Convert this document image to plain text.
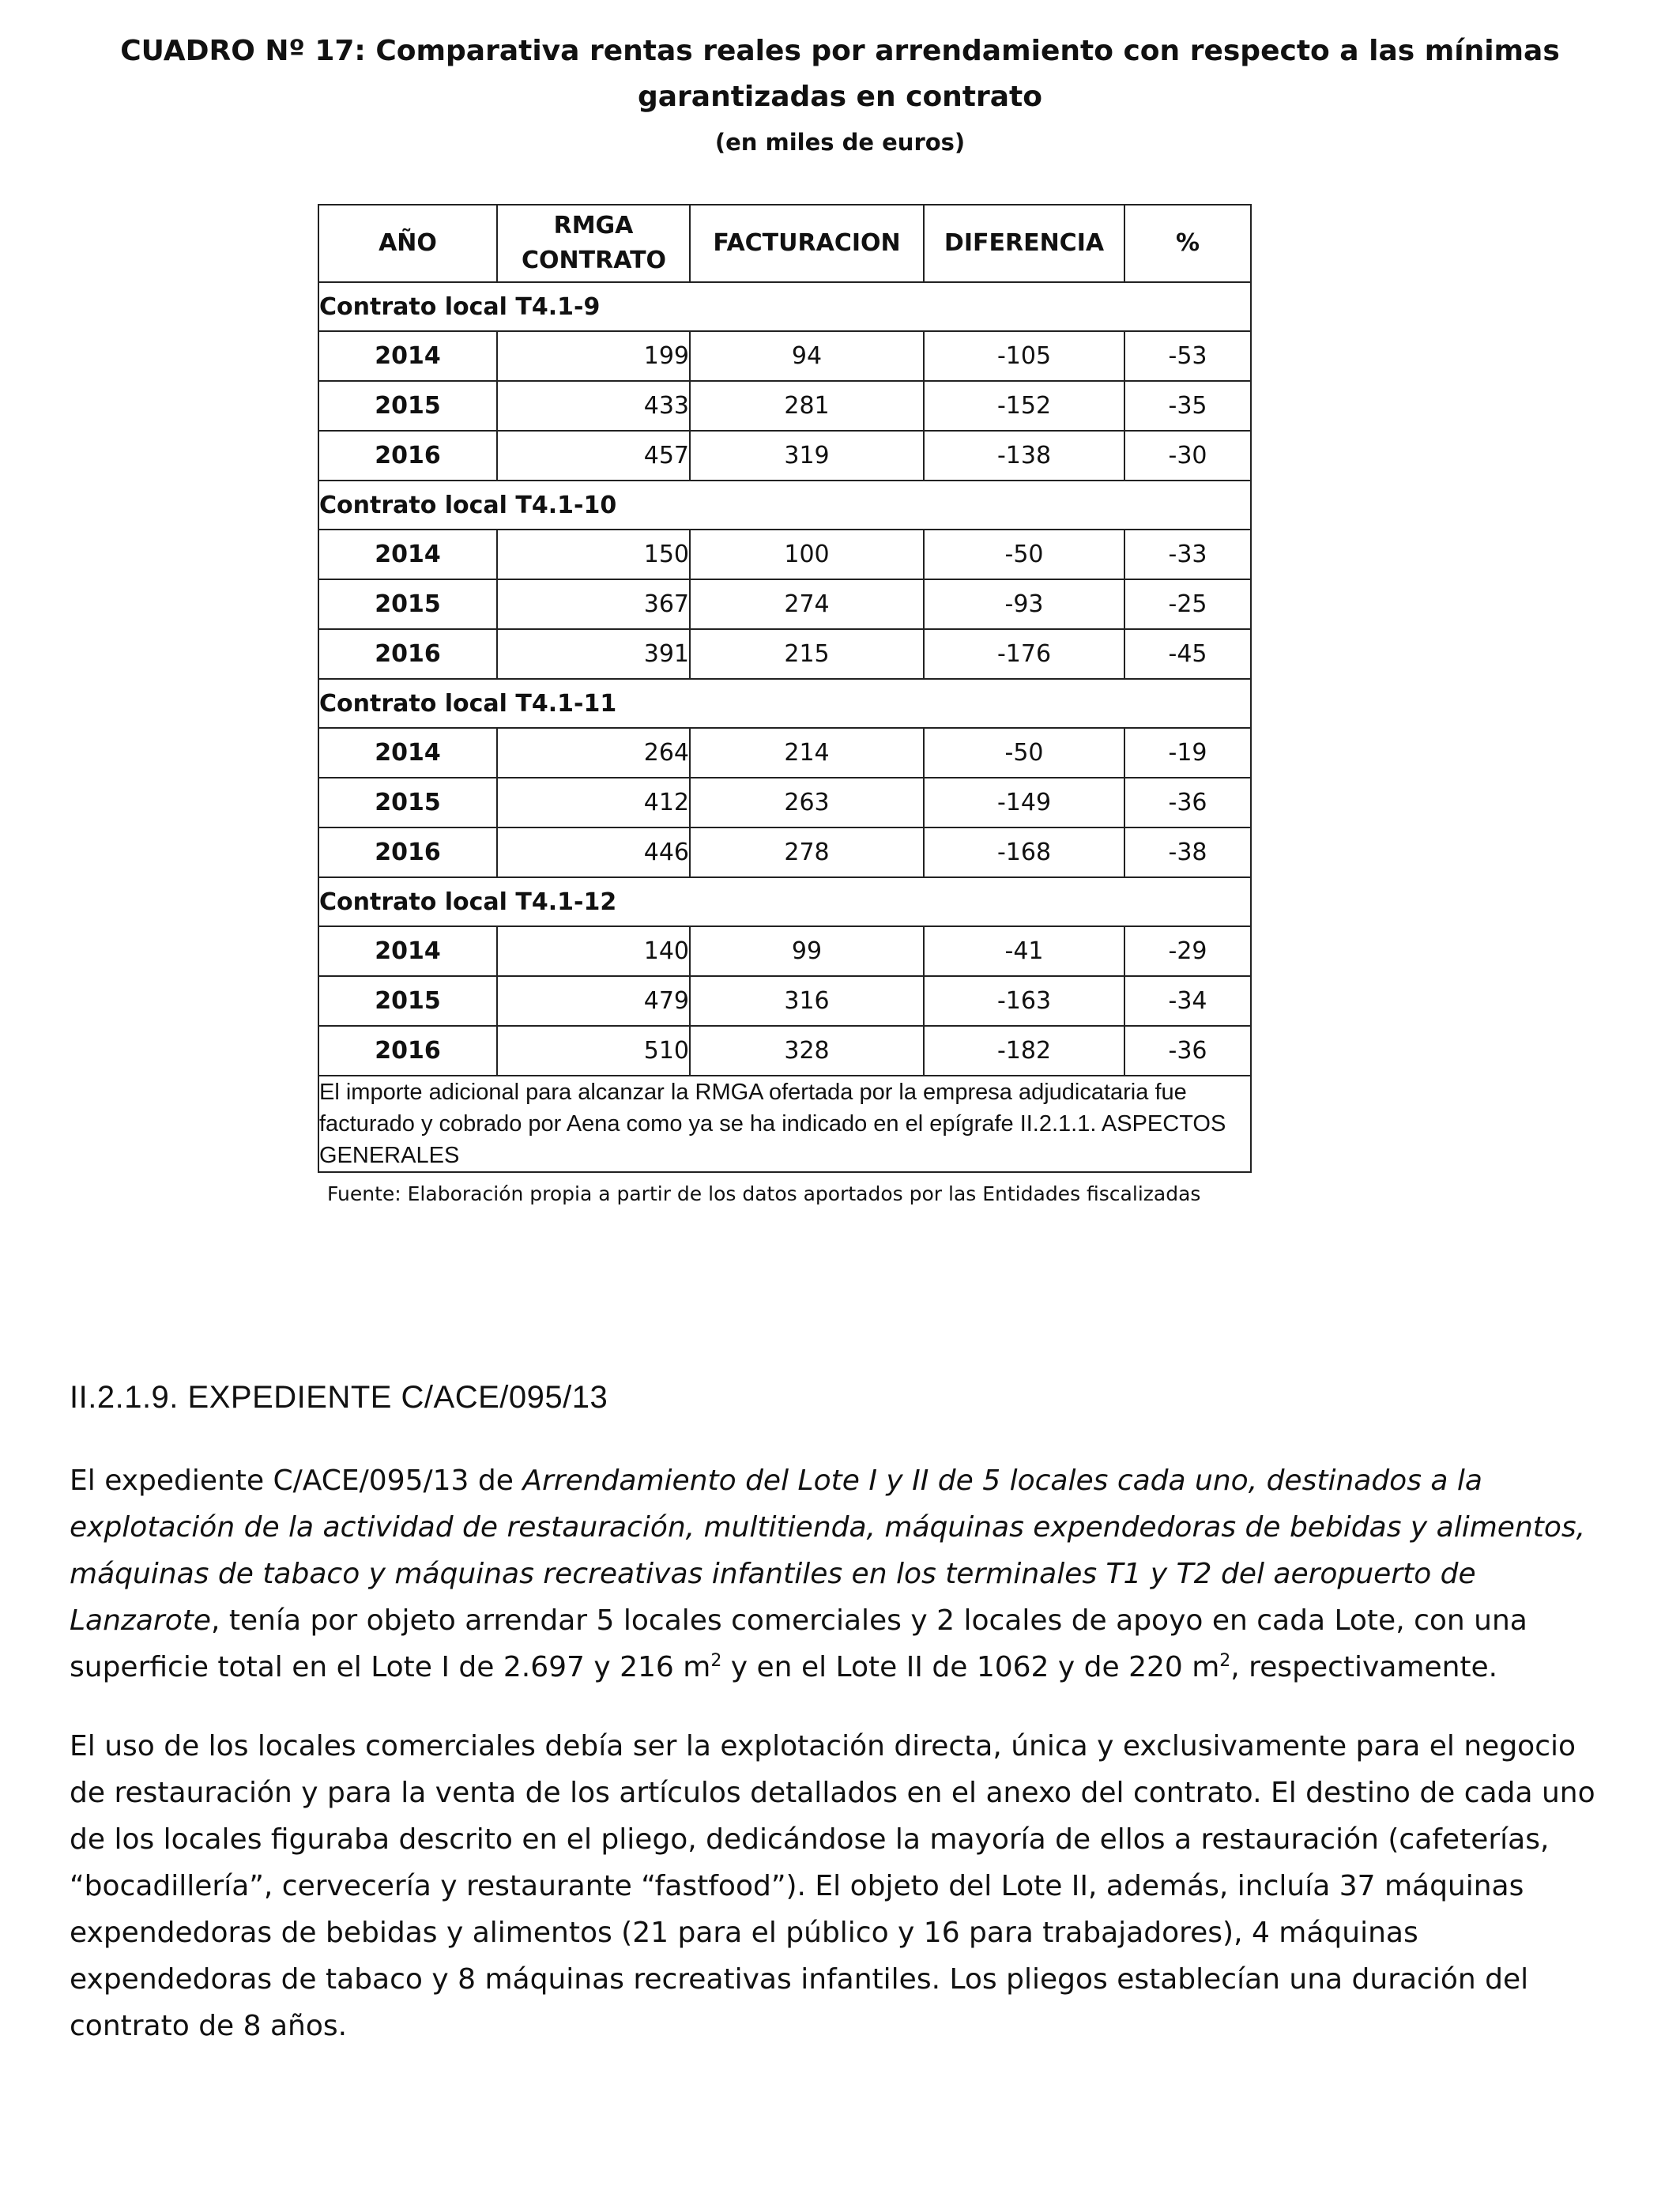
CUADRO Nº 17: Comparativa rentas reales por arrendamiento con respecto a las mínimas garantizadas en contrato
(en miles de euros)
AÑO	RMGA CONTRATO	FACTURACION	DIFERENCIA	%
Contrato local T4.1-9				
2014	199	94	-105	-53
2015	433	281	-152	-35
2016	457	319	-138	-30
Contrato local T4.1-10				
2014	150	100	-50	-33
2015	367	274	-93	-25
2016	391	215	-176	-45
Contrato local T4.1-11				
2014	264	214	-50	-19
2015	412	263	-149	-36
2016	446	278	-168	-38
Contrato local T4.1-12				
2014	140	99	-41	-29
2015	479	316	-163	-34
2016	510	328	-182	-36
El importe adicional para alcanzar la RMGA ofertada por la empresa adjudicataria fue facturado y cobrado por Aena como ya se ha indicado en el epígrafe II.2.1.1. ASPECTOS GENERALES				
Fuente: Elaboración propia a partir de los datos aportados por las Entidades fiscalizadas
II.2.1.9. EXPEDIENTE C/ACE/095/13

El expediente C/ACE/095/13 de Arrendamiento del Lote I y II de 5 locales cada uno, destinados a la explotación de la actividad de restauración, multitienda, máquinas expendedoras de bebidas y alimentos, máquinas de tabaco y máquinas recreativas infantiles en los terminales T1 y T2 del aeropuerto de Lanzarote, tenía por objeto arrendar 5 locales comerciales y 2 locales de apoyo en cada Lote, con una superficie total en el Lote I de 2.697 y 216 $m^2$ y en el Lote II de 1062 y de 220 $m^2$, respectivamente.

El uso de los locales comerciales debía ser la explotación directa, única y exclusivamente para el negocio de restauración y para la venta de los artículos detallados en el anexo del contrato. El destino de cada uno de los locales figuraba descrito en el pliego, dedicándose la mayoría de ellos a restauración (cafeterías, “bocadillería”, cervecería y restaurante “fastfood”). El objeto del Lote II, además, incluía 37 máquinas expendedoras de bebidas y alimentos (21 para el público y 16 para trabajadores), 4 máquinas expendedoras de tabaco y 8 máquinas recreativas infantiles. Los pliegos establecían una duración del contrato de 8 años.
